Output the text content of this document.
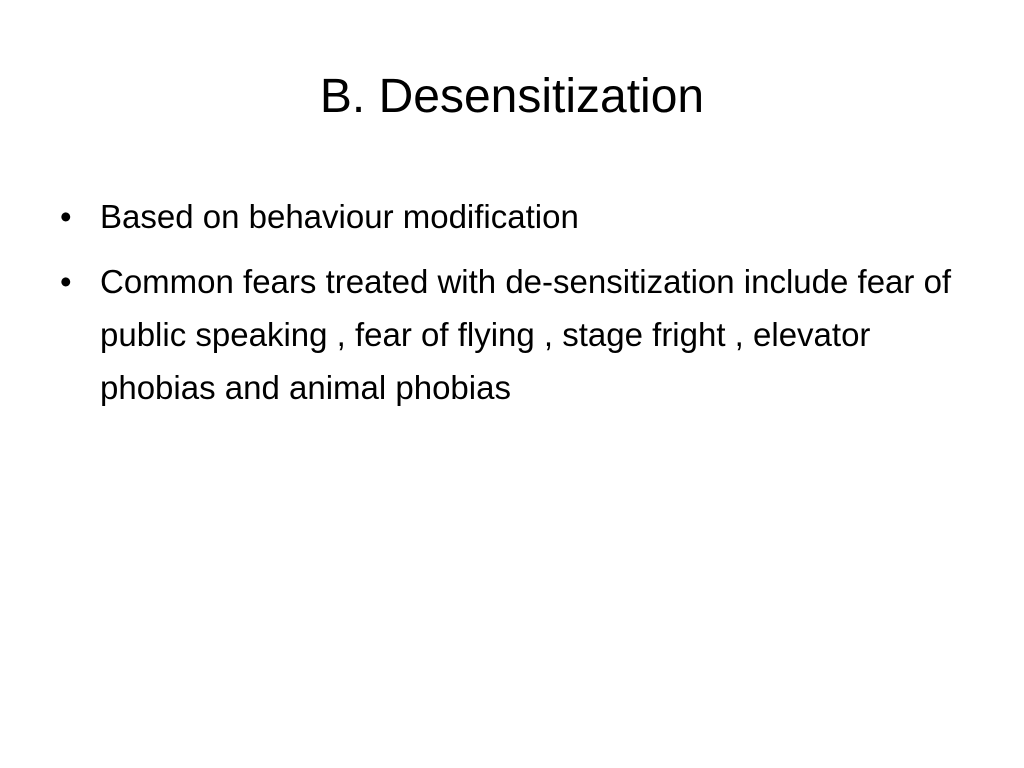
B. Desensitization
• Based on behaviour modification
• Common fears treated with de-sensitization include fear of public speaking , fear of flying , stage fright , elevator phobias and animal phobias
